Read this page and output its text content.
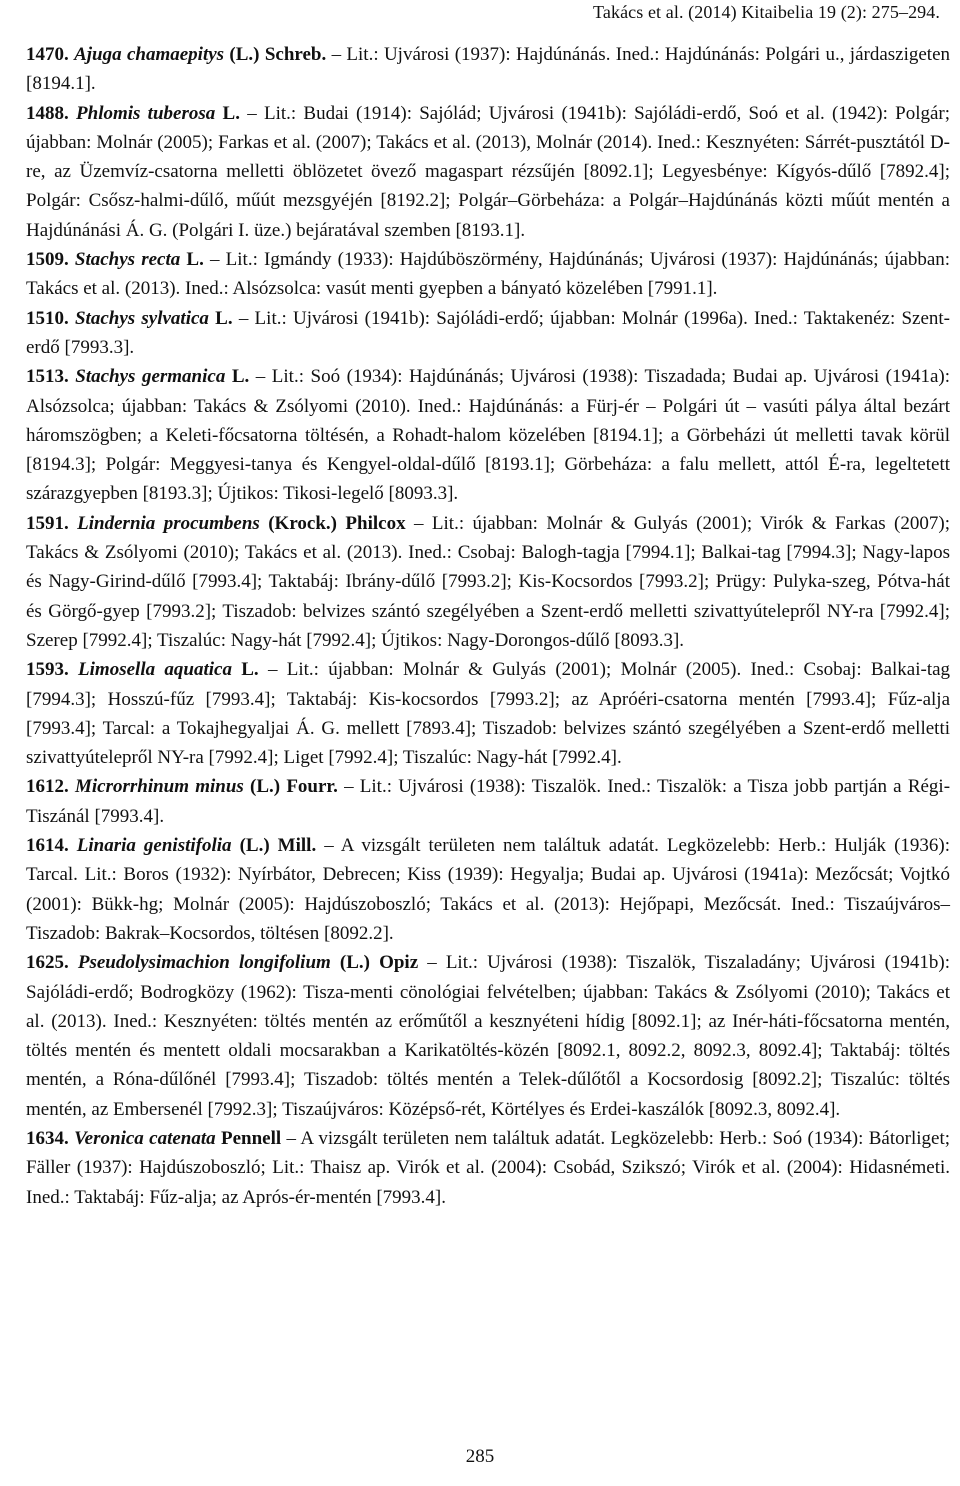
Takács et al. (2014) Kitaibelia 19 (2): 275–294.

1470. Ajuga chamaepitys (L.) Schreb. – Lit.: Ujvárosi (1937): Hajdúnánás. Ined.: Hajdúnánás: Polgári u., járdaszigeten [8194.1].

1488. Phlomis tuberosa L. – Lit.: Budai (1914): Sajólád; Ujvárosi (1941b): Sajóládi-erdő, Soó et al. (1942): Polgár; újabban: Molnár (2005); Farkas et al. (2007); Takács et al. (2013), Molnár (2014). Ined.: Kesznyéten: Sárrét-pusztától D-re, az Üzemvíz-csatorna melletti öblözetet övező magaspart rézsűjén [8092.1]; Legyesbénye: Kígyós-dűlő [7892.4]; Polgár: Csősz-halmi-dűlő, műút mezsgyéjén [8192.2]; Polgár–Görbeháza: a Polgár–Hajdúnánás közti műút mentén a Hajdúnánási Á. G. (Polgári I. üze.) bejáratával szemben [8193.1].

1509. Stachys recta L. – Lit.: Igmándy (1933): Hajdúböszörmény, Hajdúnánás; Ujvárosi (1937): Hajdúnánás; újabban: Takács et al. (2013). Ined.: Alsózsolca: vasút menti gyepben a bányató közelében [7991.1].

1510. Stachys sylvatica L. – Lit.: Ujvárosi (1941b): Sajóládi-erdő; újabban: Molnár (1996a). Ined.: Taktakenéz: Szent-erdő [7993.3].

1513. Stachys germanica L. – Lit.: Soó (1934): Hajdúnánás; Ujvárosi (1938): Tiszadada; Budai ap. Ujvárosi (1941a): Alsózsolca; újabban: Takács & Zsólyomi (2010). Ined.: Hajdúnánás: a Fürj-ér – Polgári út – vasúti pálya által bezárt háromszögben; a Keleti-főcsatorna töltésén, a Rohadt-halom közelében [8194.1]; a Görbeházi út melletti tavak körül [8194.3]; Polgár: Meggyesi-tanya és Kengyel-oldal-dűlő [8193.1]; Görbeháza: a falu mellett, attól É-ra, legeltetett szárazgyepben [8193.3]; Újtikos: Tikosi-legelő [8093.3].

1591. Lindernia procumbens (Krock.) Philcox – Lit.: újabban: Molnár & Gulyás (2001); Virók & Farkas (2007); Takács & Zsólyomi (2010); Takács et al. (2013). Ined.: Csobaj: Balogh-tagja [7994.1]; Balkai-tag [7994.3]; Nagy-lapos és Nagy-Girind-dűlő [7993.4]; Taktabáj: Ibrány-dűlő [7993.2]; Kis-Kocsordos [7993.2]; Prügy: Pulyka-szeg, Pótva-hát és Görgő-gyep [7993.2]; Tiszadob: belvizes szántó szegélyében a Szent-erdő melletti szivattyútelepről NY-ra [7992.4]; Szerep [7992.4]; Tiszalúc: Nagy-hát [7992.4]; Újtikos: Nagy-Dorongos-dűlő [8093.3].

1593. Limosella aquatica L. – Lit.: újabban: Molnár & Gulyás (2001); Molnár (2005). Ined.: Csobaj: Balkai-tag [7994.3]; Hosszú-fűz [7993.4]; Taktabáj: Kis-kocsordos [7993.2]; az Apróéri-csatorna mentén [7993.4]; Fűz-alja [7993.4]; Tarcal: a Tokajhegyaljai Á. G. mellett [7893.4]; Tiszadob: belvizes szántó szegélyében a Szent-erdő melletti szivattyútelepről NY-ra [7992.4]; Liget [7992.4]; Tiszalúc: Nagy-hát [7992.4].

1612. Microrrhinum minus (L.) Fourr. – Lit.: Ujvárosi (1938): Tiszalök. Ined.: Tiszalök: a Tisza jobb partján a Régi-Tiszánál [7993.4].

1614. Linaria genistifolia (L.) Mill. – A vizsgált területen nem találtuk adatát. Legközelebb: Herb.: Hulják (1936): Tarcal. Lit.: Boros (1932): Nyírbátor, Debrecen; Kiss (1939): Hegyalja; Budai ap. Ujvárosi (1941a): Mezőcsát; Vojtkó (2001): Bükk-hg; Molnár (2005): Hajdúszoboszló; Takács et al. (2013): Hejőpapi, Mezőcsát. Ined.: Tiszaújváros–Tiszadob: Bakrak–Kocsordos, töltésen [8092.2].

1625. Pseudolysimachion longifolium (L.) Opiz – Lit.: Ujvárosi (1938): Tiszalök, Tiszaladány; Ujvárosi (1941b): Sajóládi-erdő; Bodrogközy (1962): Tisza-menti cönológiai felvételben; újabban: Takács & Zsólyomi (2010); Takács et al. (2013). Ined.: Kesznyéten: töltés mentén az erőműtől a kesznyéteni hídig [8092.1]; az Inér-háti-főcsatorna mentén, töltés mentén és mentett oldali mocsarakban a Karikatöltés-közén [8092.1, 8092.2, 8092.3, 8092.4]; Taktabáj: töltés mentén, a Róna-dűlőnél [7993.4]; Tiszadob: töltés mentén a Telek-dűlőtől a Kocsordosig [8092.2]; Tiszalúc: töltés mentén, az Embersenél [7992.3]; Tiszaújváros: Középső-rét, Körtélyes és Erdei-kaszálók [8092.3, 8092.4].

1634. Veronica catenata Pennell – A vizsgált területen nem találtuk adatát. Legközelebb: Herb.: Soó (1934): Bátorliget; Fäller (1937): Hajdúszoboszló; Lit.: Thaisz ap. Virók et al. (2004): Csobád, Szikszó; Virók et al. (2004): Hidasnémeti. Ined.: Taktabáj: Fűz-alja; az Aprós-ér-mentén [7993.4].

285
